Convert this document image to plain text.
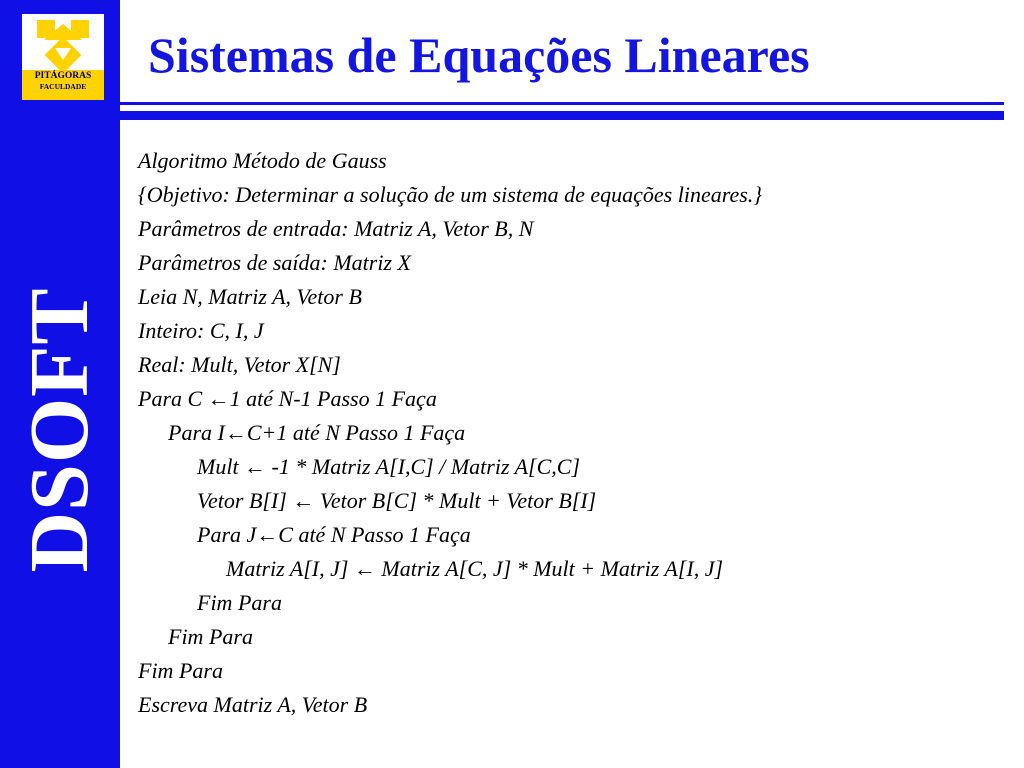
PITÁGORAS
FACULDADE
DSOFT
Sistemas de Equações Lineares
Algoritmo Método de Gauss
{Objetivo: Determinar a solução de um sistema de equações lineares.}
Parâmetros de entrada: Matriz A, Vetor B, N
Parâmetros de saída: Matriz X
Leia N, Matriz A, Vetor B
Inteiro: C, I, J
Real: Mult, Vetor X[N]
Para C ←1 até N-1 Passo 1 Faça
Para I←C+1 até N Passo 1 Faça
Mult ← -1 * Matriz A[I,C] / Matriz A[C,C]
Vetor B[I] ← Vetor B[C] * Mult + Vetor B[I]
Para J←C até N Passo 1 Faça
Matriz A[I, J] ← Matriz A[C, J] * Mult + Matriz A[I, J]
Fim Para
Fim Para
Fim Para
Escreva Matriz A, Vetor B
